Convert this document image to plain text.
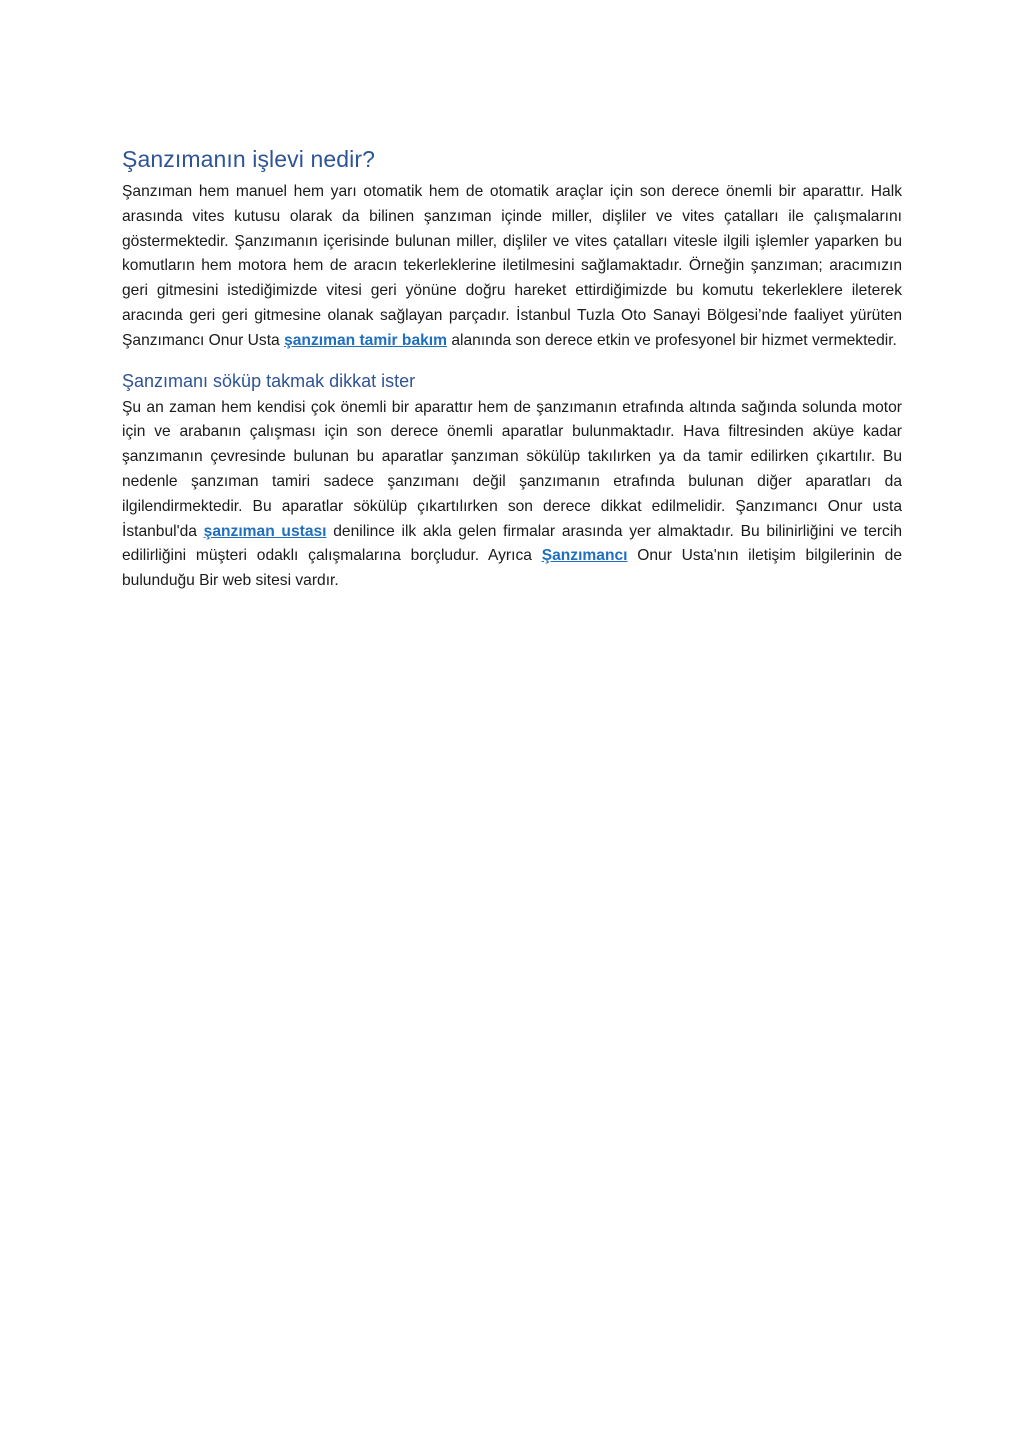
Şanzımanın işlevi nedir?

Şanzıman hem manuel hem yarı otomatik hem de otomatik araçlar için son derece önemli bir aparattır. Halk arasında vites kutusu olarak da bilinen şanzıman içinde miller, dişliler ve vites çatalları ile çalışmalarını göstermektedir. Şanzımanın içerisinde bulunan miller, dişliler ve vites çatalları vitesle ilgili işlemler yaparken bu komutların hem motora hem de aracın tekerleklerine iletilmesini sağlamaktadır. Örneğin şanzıman; aracımızın geri gitmesini istediğimizde vitesi geri yönüne doğru hareket ettirdiğimizde bu komutu tekerleklere ileterek aracında geri geri gitmesine olanak sağlayan parçadır. İstanbul Tuzla Oto Sanayi Bölgesi’nde faaliyet yürüten Şanzımancı Onur Usta şanzıman tamir bakım alanında son derece etkin ve profesyonel bir hizmet vermektedir.

Şanzımanı söküp takmak dikkat ister

Şu an zaman hem kendisi çok önemli bir aparattır hem de şanzımanın etrafında altında sağında solunda motor için ve arabanın çalışması için son derece önemli aparatlar bulunmaktadır. Hava filtresinden aküye kadar şanzımanın çevresinde bulunan bu aparatlar şanzıman sökülüp takılırken ya da tamir edilirken çıkartılır. Bu nedenle şanzıman tamiri sadece şanzımanı değil şanzımanın etrafında bulunan diğer aparatları da ilgilendirmektedir. Bu aparatlar sökülüp çıkartılırken son derece dikkat edilmelidir. Şanzımancı Onur usta İstanbul'da şanzıman ustası denilince ilk akla gelen firmalar arasında yer almaktadır. Bu bilinirliğini ve tercih edilirliğini müşteri odaklı çalışmalarına borçludur. Ayrıca Şanzımancı Onur Usta'nın iletişim bilgilerinin de bulunduğu Bir web sitesi vardır.
